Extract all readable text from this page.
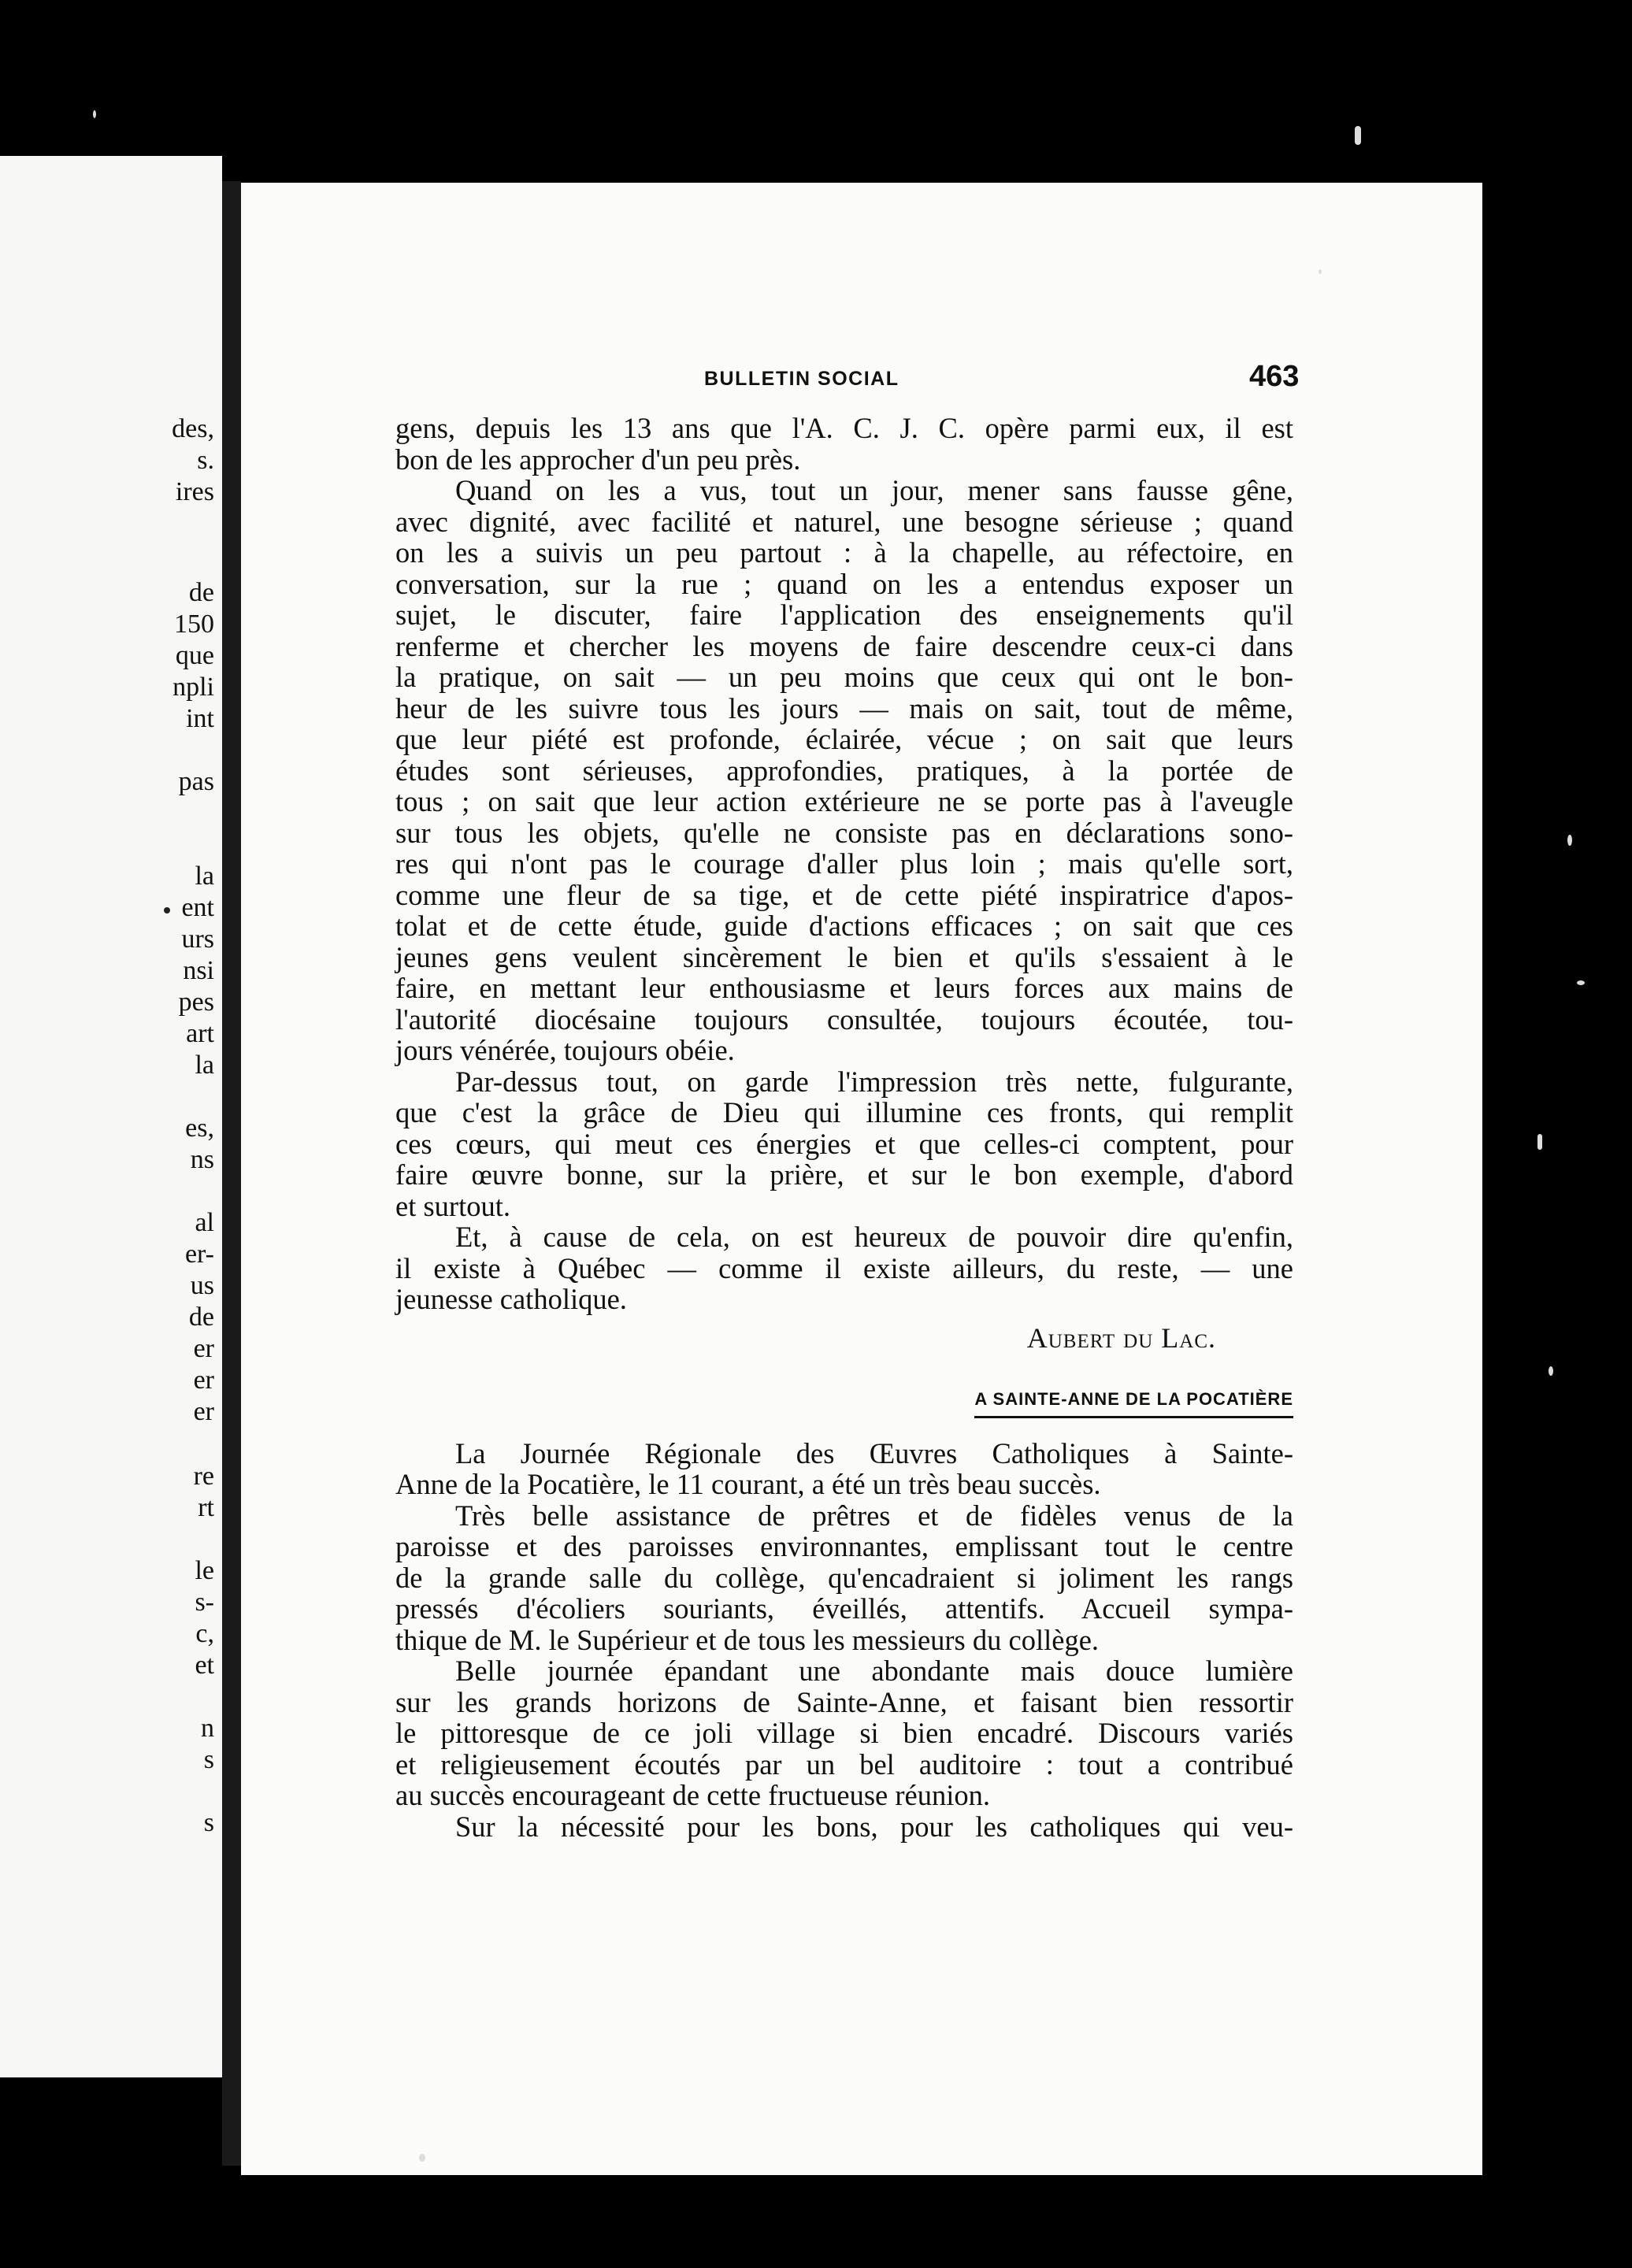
des,
s.
ires
de
150
que
npli
int
pas
la
ent
urs
nsi
pes
art
la
es,
ns
al
er-
us
de
er
er
er
re
rt
le
s-
c,
et
n
s
s
BULLETIN SOCIAL	463
gens, depuis les 13 ans que l'A. C. J. C. opère parmi eux, il est
bon de les approcher d'un peu près.
Quand on les a vus, tout un jour, mener sans fausse gêne,
avec dignité, avec facilité et naturel, une besogne sérieuse ; quand
on les a suivis un peu partout : à la chapelle, au réfectoire, en
conversation, sur la rue ; quand on les a entendus exposer un
sujet, le discuter, faire l'application des enseignements qu'il
renferme et chercher les moyens de faire descendre ceux-ci dans
la pratique, on sait — un peu moins que ceux qui ont le bon-
heur de les suivre tous les jours — mais on sait, tout de même,
que leur piété est profonde, éclairée, vécue ; on sait que leurs
études sont sérieuses, approfondies, pratiques, à la portée de
tous ; on sait que leur action extérieure ne se porte pas à l'aveugle
sur tous les objets, qu'elle ne consiste pas en déclarations sono-
res qui n'ont pas le courage d'aller plus loin ; mais qu'elle sort,
comme une fleur de sa tige, et de cette piété inspiratrice d'apos-
tolat et de cette étude, guide d'actions efficaces ; on sait que ces
jeunes gens veulent sincèrement le bien et qu'ils s'essaient à le
faire, en mettant leur enthousiasme et leurs forces aux mains de
l'autorité diocésaine toujours consultée, toujours écoutée, tou-
jours vénérée, toujours obéie.
Par-dessus tout, on garde l'impression très nette, fulgurante,
que c'est la grâce de Dieu qui illumine ces fronts, qui remplit
ces cœurs, qui meut ces énergies et que celles-ci comptent, pour
faire œuvre bonne, sur la prière, et sur le bon exemple, d'abord
et surtout.
Et, à cause de cela, on est heureux de pouvoir dire qu'enfin,
il existe à Québec — comme il existe ailleurs, du reste, — une
jeunesse catholique.
Aubert du Lac.
A SAINTE-ANNE DE LA POCATIÈRE
La Journée Régionale des Œuvres Catholiques à Sainte-
Anne de la Pocatière, le 11 courant, a été un très beau succès.
Très belle assistance de prêtres et de fidèles venus de la
paroisse et des paroisses environnantes, emplissant tout le centre
de la grande salle du collège, qu'encadraient si joliment les rangs
pressés d'écoliers souriants, éveillés, attentifs. Accueil sympa-
thique de M. le Supérieur et de tous les messieurs du collège.
Belle journée épandant une abondante mais douce lumière
sur les grands horizons de Sainte-Anne, et faisant bien ressortir
le pittoresque de ce joli village si bien encadré. Discours variés
et religieusement écoutés par un bel auditoire : tout a contribué
au succès encourageant de cette fructueuse réunion.
Sur la nécessité pour les bons, pour les catholiques qui veu-
